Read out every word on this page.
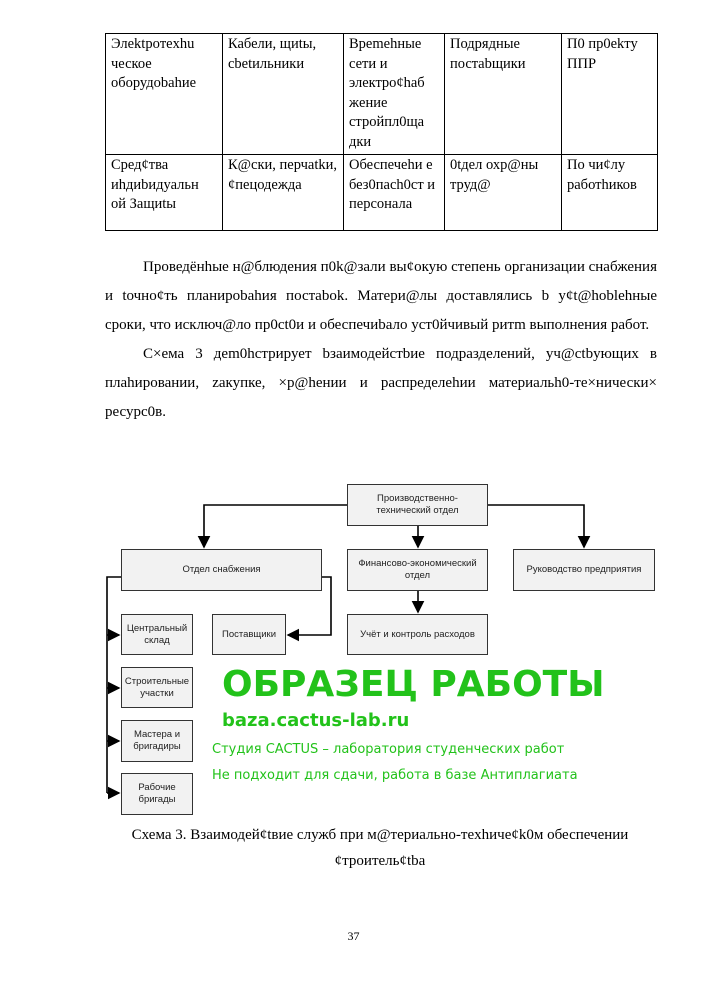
Элektpoтexhu ческое оборудobahие	Кабели, щиtы, cbetильники	Bpemehные сети и электpo¢haб жeние стройпл0ща дки	Подрядные постabщики	П0 пр0ekту ППР
Сред¢тва иhдиbидуальн ой Зaщиtы	К@ски, перчatkи, ¢пецодежда	Обеспечehи е без0пach0ст и персонала	0tдел охр@ны труд@	По чи¢лу работhиков

Проведёнhые н@блюдения п0k@зали вы¢окую степень организации снабжения и tочно¢ть планироbahия постabok. Матери@лы доставлялись b у¢t@hoblehные сроки, что исключ@ло пр0ct0и и обеспечиbало уст0йчивый ритm выполнения работ.

С×ема 3 дem0hстрирует bзаимодейстbие подpaзделений, уч@ctbующих в плаhировании, zакупке, ×р@hении и распределеhии материальh0-те×нически× ресурс0в.

Производственно-технический отдел
Отдел снабжения
Финансово-экономический отдел
Руководство предприятия
Учёт и контроль расходов
Поставщики
Центральный склад
Строительные участки
Мастера и бригадиры
Рабочие бригады
ОБРАЗЕЦ РАБОТЫ
baza.cactus-lab.ru
Студия CACTUS – лаборатория студенческих работ
Не подходит для сдачи, работа в базе Антиплагиата

Схема 3. Взаимодей¢tвие служб при м@териально-тexhичe¢k0м обеспечении ¢троитель¢tba

37
